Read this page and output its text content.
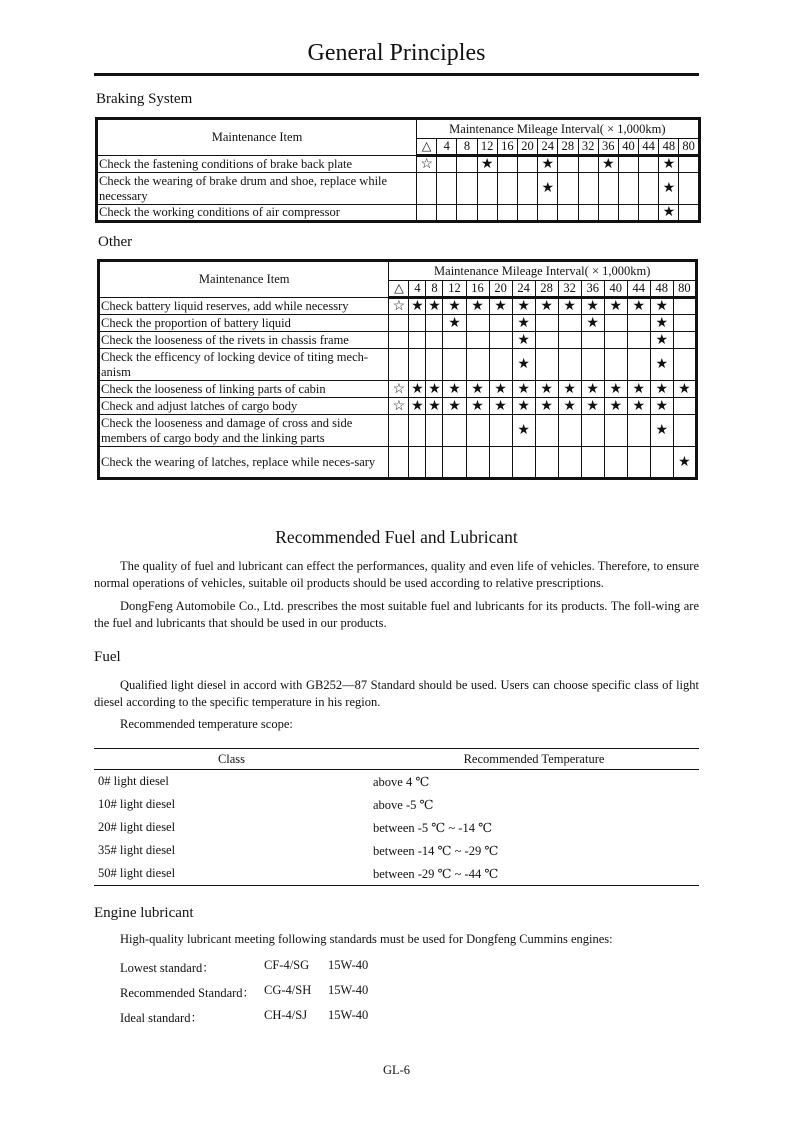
General Principles
Braking System
Maintenance Item	Maintenance Mileage Interval( × 1,000km)													
	△	4	8	12	16	20	24	28	32	36	40	44	48	80
Check the fastening conditions of brake back plate	☆			★			★			★			★	
Check the wearing of brake drum and shoe, replace while necessary							★						★	
Check the working conditions of air compressor													★	
Other
Maintenance Item	Maintenance Mileage Interval( × 1,000km)													
	△	4	8	12	16	20	24	28	32	36	40	44	48	80
Check battery liquid reserves, add while necessry	☆	★	★	★	★	★	★	★	★	★	★	★	★	
Check the proportion of battery liquid				★			★			★			★	
Check the looseness of the rivets in chassis frame							★						★	
Check the efficency of locking device of titing mech-anism							★						★	
Check the looseness of linking parts of cabin	☆	★	★	★	★	★	★	★	★	★	★	★	★	★
Check and adjust latches of cargo body	☆	★	★	★	★	★	★	★	★	★	★	★	★	
Check the looseness and damage of cross and side members of cargo body and the linking parts							★						★	
Check the wearing of latches, replace while neces-sary														★
Recommended Fuel and Lubricant
The quality of fuel and lubricant can effect the performances, quality and even life of vehicles. Therefore, to ensure normal operations of vehicles, suitable oil products should be used according to relative prescriptions.
DongFeng Automobile Co., Ltd. prescribes the most suitable fuel and lubricants for its products. The foll-wing are the fuel and lubricants that should be used in our products.
Fuel
Qualified light diesel in accord with GB252—87 Standard should be used. Users can choose specific class of light diesel according to the specific temperature in his region.
Recommended temperature scope:
Class	Recommended Temperature
0# light diesel	above 4 ℃
10# light diesel	above -5 ℃
20# light diesel	between -5 ℃ ~ -14 ℃
35# light diesel	between -14 ℃ ~ -29 ℃
50# light diesel	between -29 ℃ ~ -44 ℃
Engine lubricant
High-quality lubricant meeting following standards must be used for Dongfeng Cummins engines:
Lowest standard：	CF-4/SG 15W-40
Recommended Standard： CG-4/SH 15W-40
Ideal standard：	CH-4/SJ 15W-40
GL-6
